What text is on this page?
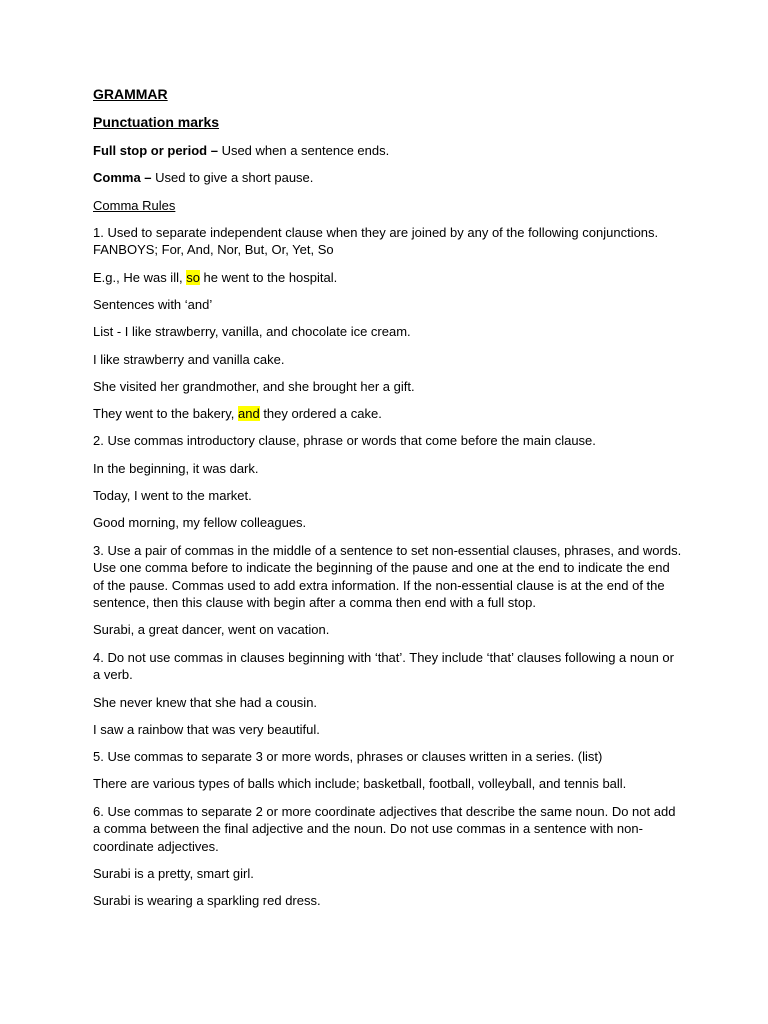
GRAMMAR

Punctuation marks

Full stop or period – Used when a sentence ends.

Comma – Used to give a short pause.

Comma Rules

1. Used to separate independent clause when they are joined by any of the following conjunctions. FANBOYS; For, And, Nor, But, Or, Yet, So

E.g., He was ill, so he went to the hospital.

Sentences with ‘and’

List - I like strawberry, vanilla, and chocolate ice cream.

I like strawberry and vanilla cake.

She visited her grandmother, and she brought her a gift.

They went to the bakery, and they ordered a cake.

2. Use commas introductory clause, phrase or words that come before the main clause.

In the beginning, it was dark.

Today, I went to the market.

Good morning, my fellow colleagues.

3. Use a pair of commas in the middle of a sentence to set non-essential clauses, phrases, and words. Use one comma before to indicate the beginning of the pause and one at the end to indicate the end of the pause. Commas used to add extra information. If the non-essential clause is at the end of the sentence, then this clause with begin after a comma then end with a full stop.

Surabi, a great dancer, went on vacation.

4. Do not use commas in clauses beginning with ‘that’. They include ‘that’ clauses following a noun or a verb.

She never knew that she had a cousin.

I saw a rainbow that was very beautiful.

5. Use commas to separate 3 or more words, phrases or clauses written in a series. (list)

There are various types of balls which include; basketball, football, volleyball, and tennis ball.

6. Use commas to separate 2 or more coordinate adjectives that describe the same noun. Do not add a comma between the final adjective and the noun. Do not use commas in a sentence with non-coordinate adjectives.

Surabi is a pretty, smart girl.

Surabi is wearing a sparkling red dress.
